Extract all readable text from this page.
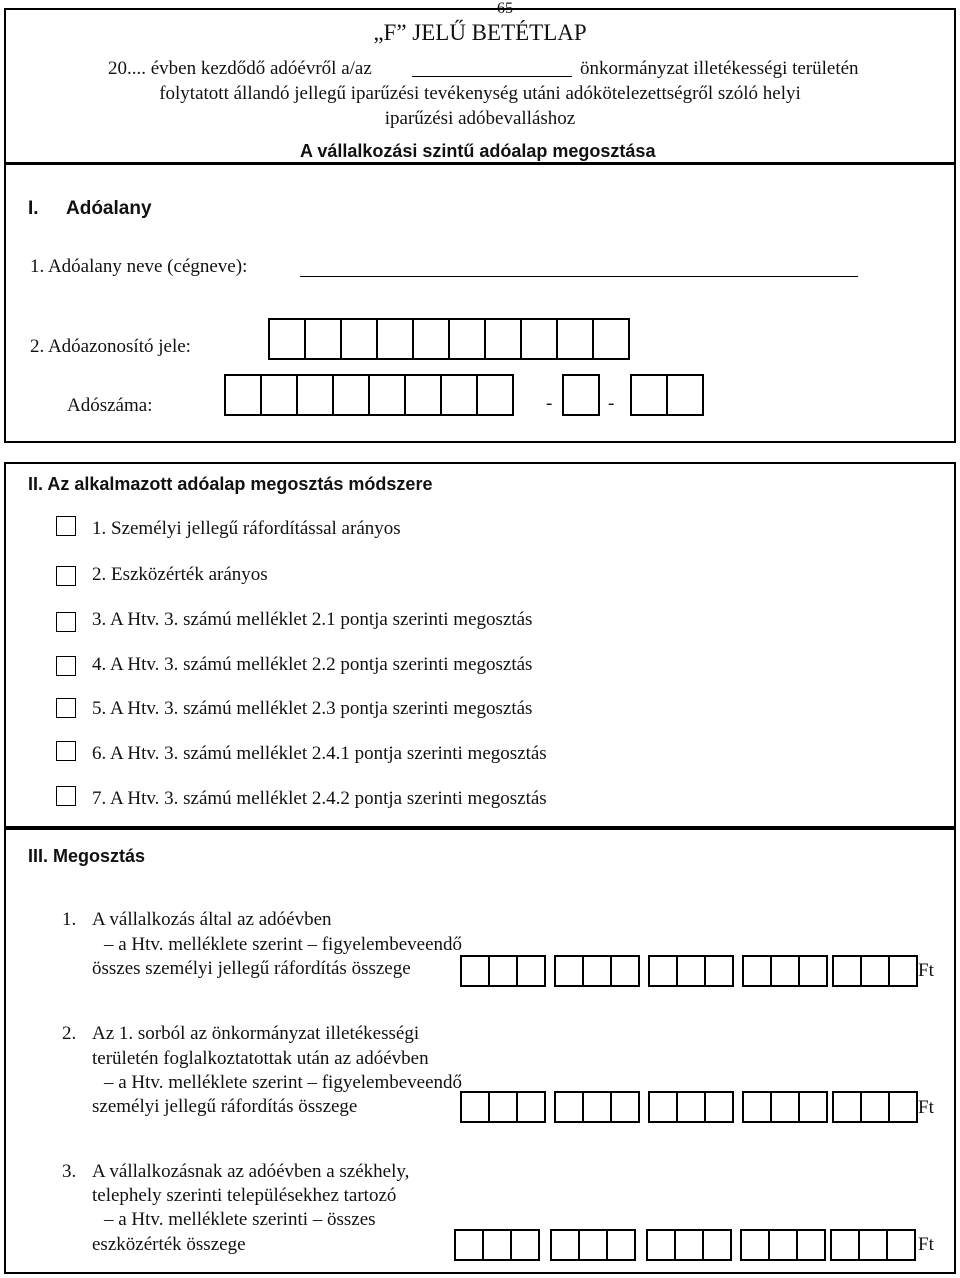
65
„F” JELŰ BETÉTLAP
20.... évben kezdődő adóévről a/az	önkormányzat illetékességi területén
folytatott állandó jellegű iparűzési tevékenység utáni adókötelezettségről szóló helyi
iparűzési adóbevalláshoz
A vállalkozási szintű adóalap megosztása
I. Adóalany
1. Adóalany neve (cégneve):
2. Adóazonosító jele:
Adószáma:	-	-
II. Az alkalmazott adóalap megosztás módszere
1. Személyi jellegű ráfordítással arányos
2. Eszközérték arányos
3. A Htv. 3. számú melléklet 2.1 pontja szerinti megosztás
4. A Htv. 3. számú melléklet 2.2 pontja szerinti megosztás
5. A Htv. 3. számú melléklet 2.3 pontja szerinti megosztás
6. A Htv. 3. számú melléklet 2.4.1 pontja szerinti megosztás
7. A Htv. 3. számú melléklet 2.4.2 pontja szerinti megosztás
III. Megosztás
1. A vállalkozás által az adóévben
– a Htv. melléklete szerint – figyelembeveendő
összes személyi jellegű ráfordítás összege	Ft
2. Az 1. sorból az önkormányzat illetékességi
területén foglalkoztatottak után az adóévben
– a Htv. melléklete szerint – figyelembeveendő
személyi jellegű ráfordítás összege	Ft
3. A vállalkozásnak az adóévben a székhely,
telephely szerinti településekhez tartozó
– a Htv. melléklete szerinti – összes
eszközérték összege	Ft
